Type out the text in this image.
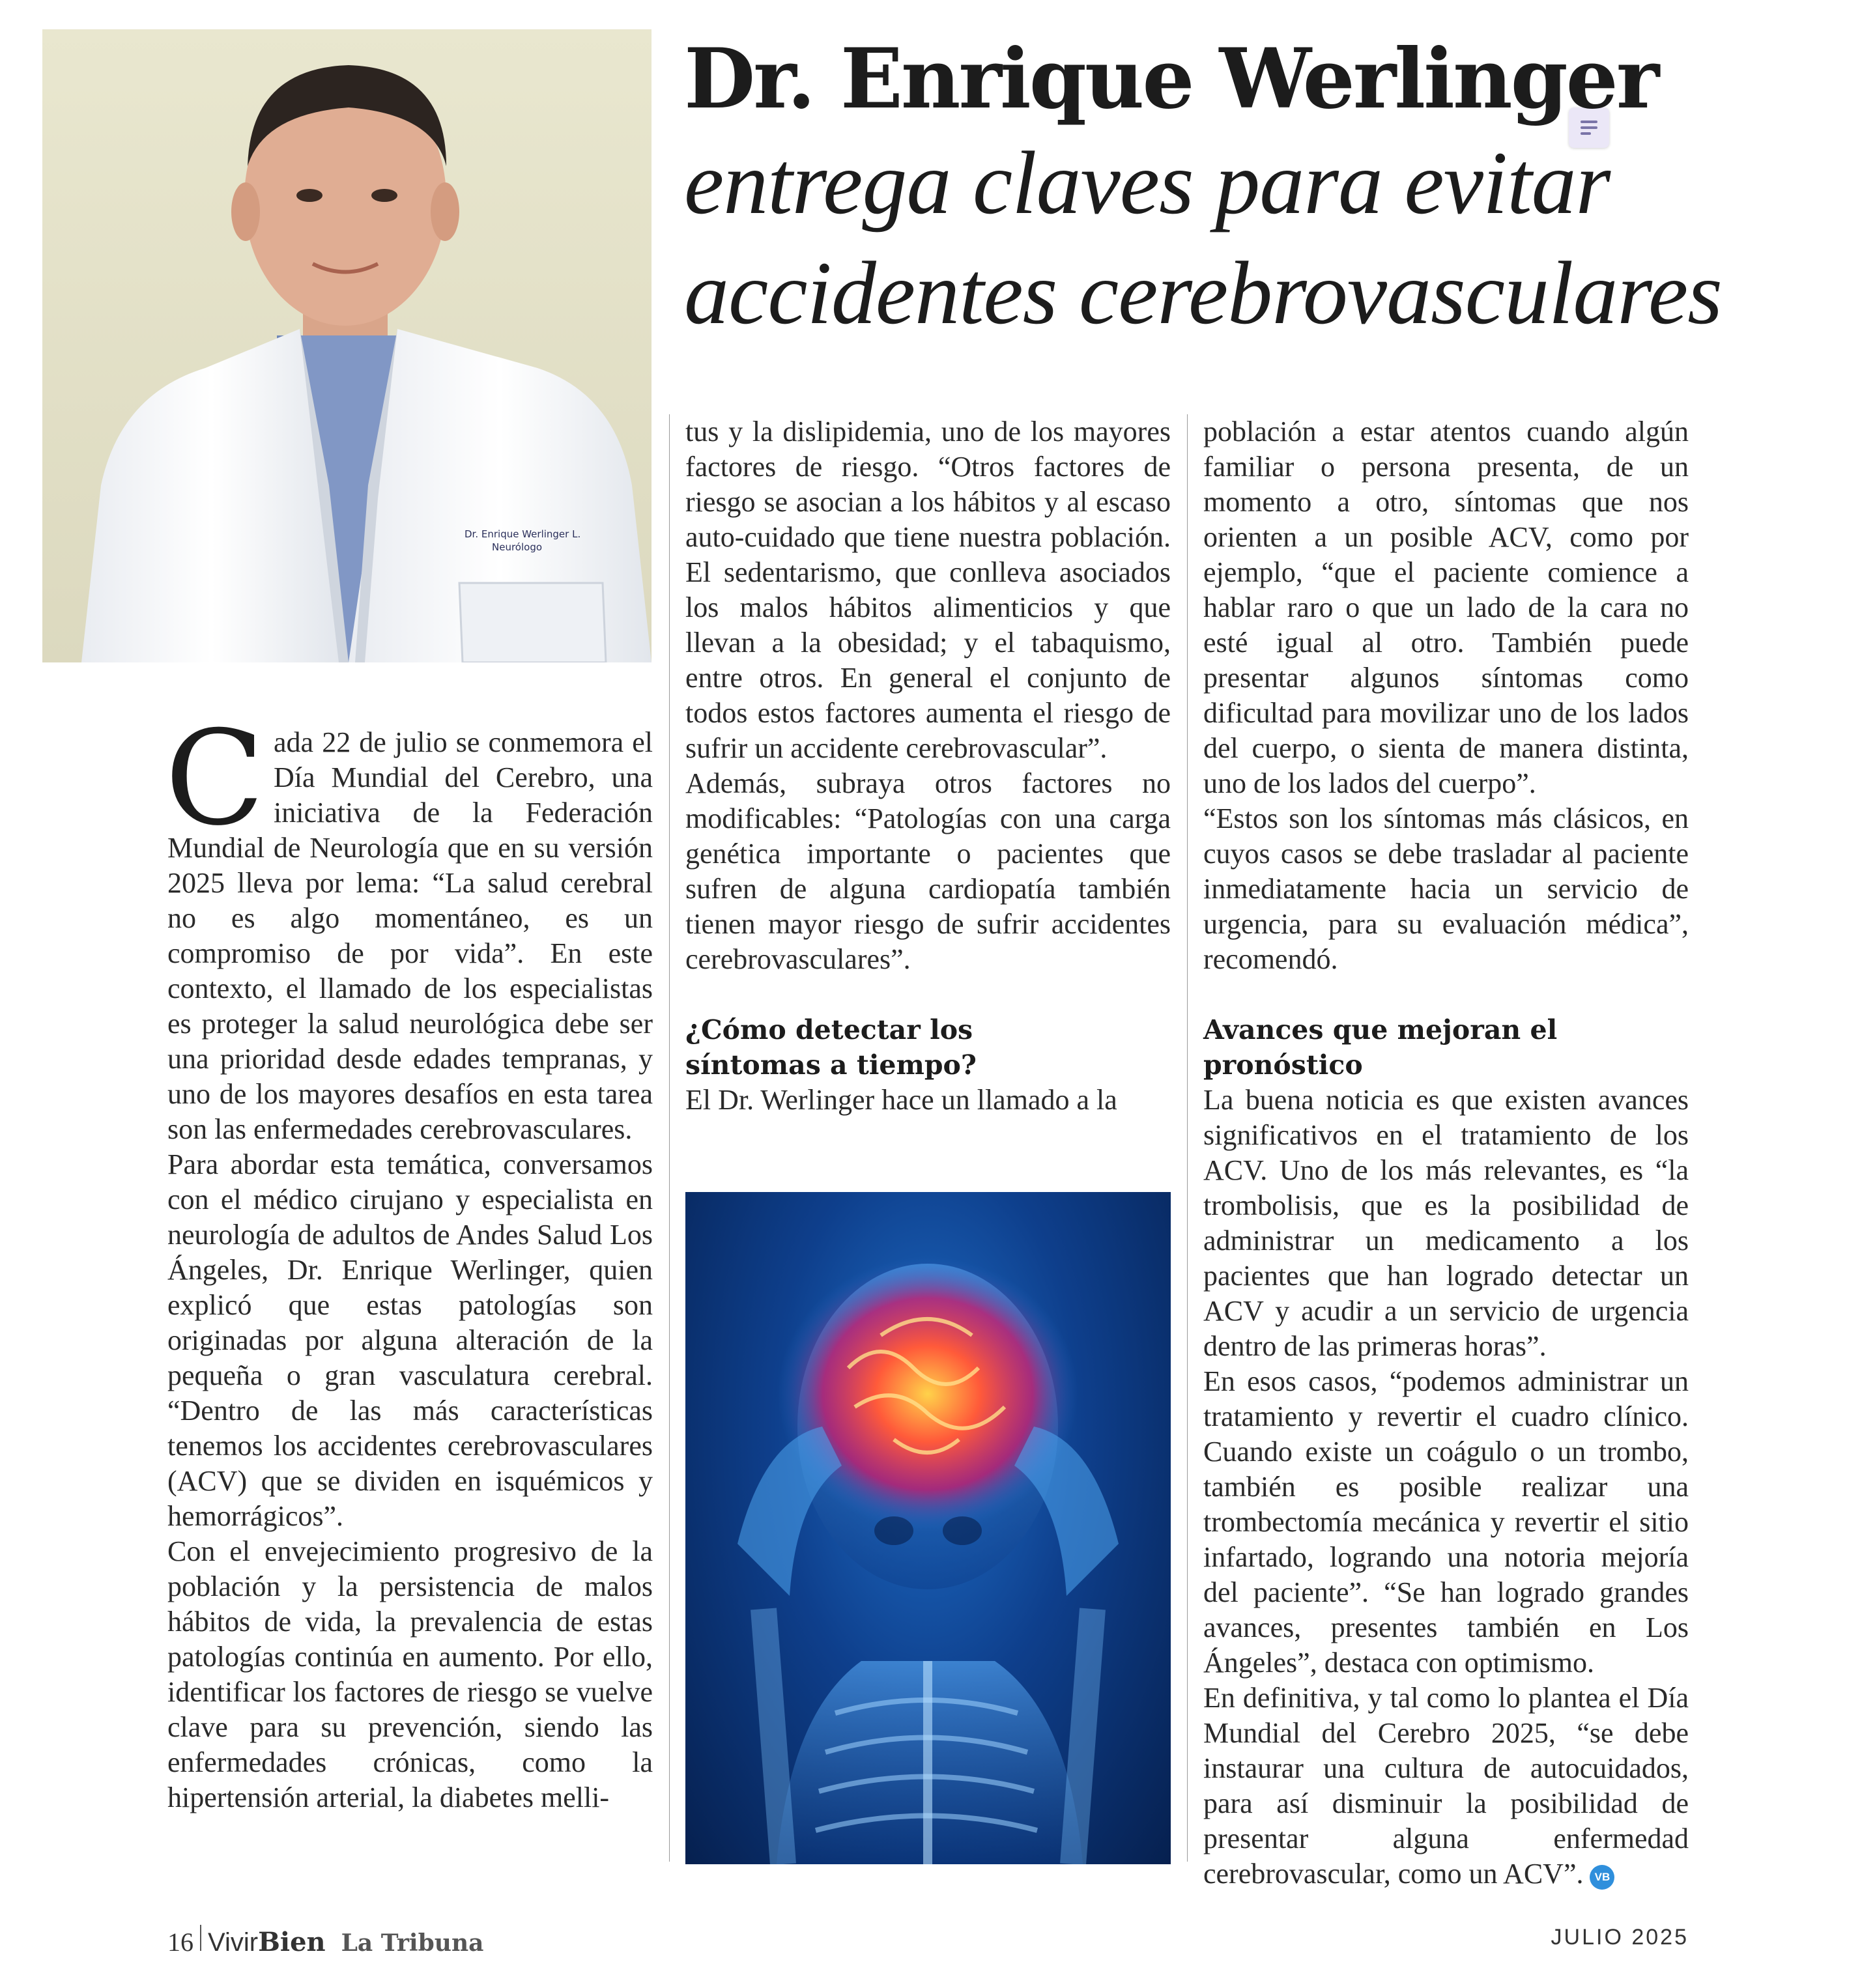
Dr. Enrique Werlinger L.
Neurólogo
Dr. Enrique Werlinger
entrega claves para evitar
accidentes cerebrovasculares

Cada 22 de julio se conmemora el Día Mundial del Cerebro, una iniciativa de la Federación Mundial de Neurología que en su versión 2025 lleva por lema: “La salud cerebral no es algo momentáneo, es un compromiso de por vida”. En este contexto, el llamado de los especialistas es proteger la salud neurológica debe ser una prioridad desde edades tempranas, y uno de los mayores desafíos en esta tarea son las enfermedades cerebrovasculares.

Para abordar esta temática, conversamos con el médico cirujano y especialista en neurología de adultos de Andes Salud Los Ángeles, Dr. Enrique Werlinger, quien explicó que estas patologías son originadas por alguna alteración de la pequeña o gran vasculatura cerebral. “Dentro de las más características tenemos los accidentes cerebrovasculares (ACV) que se dividen en isquémicos y hemorrágicos”.

Con el envejecimiento progresivo de la población y la persistencia de malos hábitos de vida, la prevalencia de estas patologías continúa en aumento. Por ello, identificar los factores de riesgo se vuelve clave para su prevención, siendo las enfermedades crónicas, como la hipertensión arterial, la diabetes melli-

tus y la dislipidemia, uno de los mayores factores de riesgo. “Otros factores de riesgo se asocian a los hábitos y al escaso auto-cuidado que tiene nuestra población. El sedentarismo, que conlleva asociados los malos hábitos alimenticios y que llevan a la obesidad; y el tabaquismo, entre otros. En general el conjunto de todos estos factores aumenta el riesgo de sufrir un accidente cerebrovascular”.

Además, subraya otros factores no modificables: “Patologías con una carga genética importante o pacientes que sufren de alguna cardiopatía también tienen mayor riesgo de sufrir accidentes cerebrovasculares”.

¿Cómo detectar los
síntomas a tiempo?

El Dr. Werlinger hace un llamado a la

población a estar atentos cuando algún familiar o persona presenta, de un momento a otro, síntomas que nos orienten a un posible ACV, como por ejemplo, “que el paciente comience a hablar raro o que un lado de la cara no esté igual al otro. También puede presentar algunos síntomas como dificultad para movilizar uno de los lados del cuerpo, o sienta de manera distinta, uno de los lados del cuerpo”.

“Estos son los síntomas más clásicos, en cuyos casos se debe trasladar al paciente inmediatamente hacia un servicio de urgencia, para su evaluación médica”, recomendó.

Avances que mejoran el pronóstico

La buena noticia es que existen avances significativos en el tratamiento de los ACV. Uno de los más relevantes, es “la trombolisis, que es la posibilidad de administrar un medicamento a los pacientes que han logrado detectar un ACV y acudir a un servicio de urgencia dentro de las primeras horas”.

En esos casos, “podemos administrar un tratamiento y revertir el cuadro clínico. Cuando existe un coágulo o un trombo, también es posible realizar una trombectomía mecánica y revertir el sitio infartado, logrando una notoria mejoría del paciente”. “Se han logrado grandes avances, presentes también en Los Ángeles”, destaca con optimismo.

En definitiva, y tal como lo plantea el Día Mundial del Cerebro 2025, “se debe instaurar una cultura de autocuidados, para así disminuir la posibilidad de presentar alguna enfermedad cerebrovascular, como un ACV”. VB

16 VivirBien La Tribuna	JULIO 2025
